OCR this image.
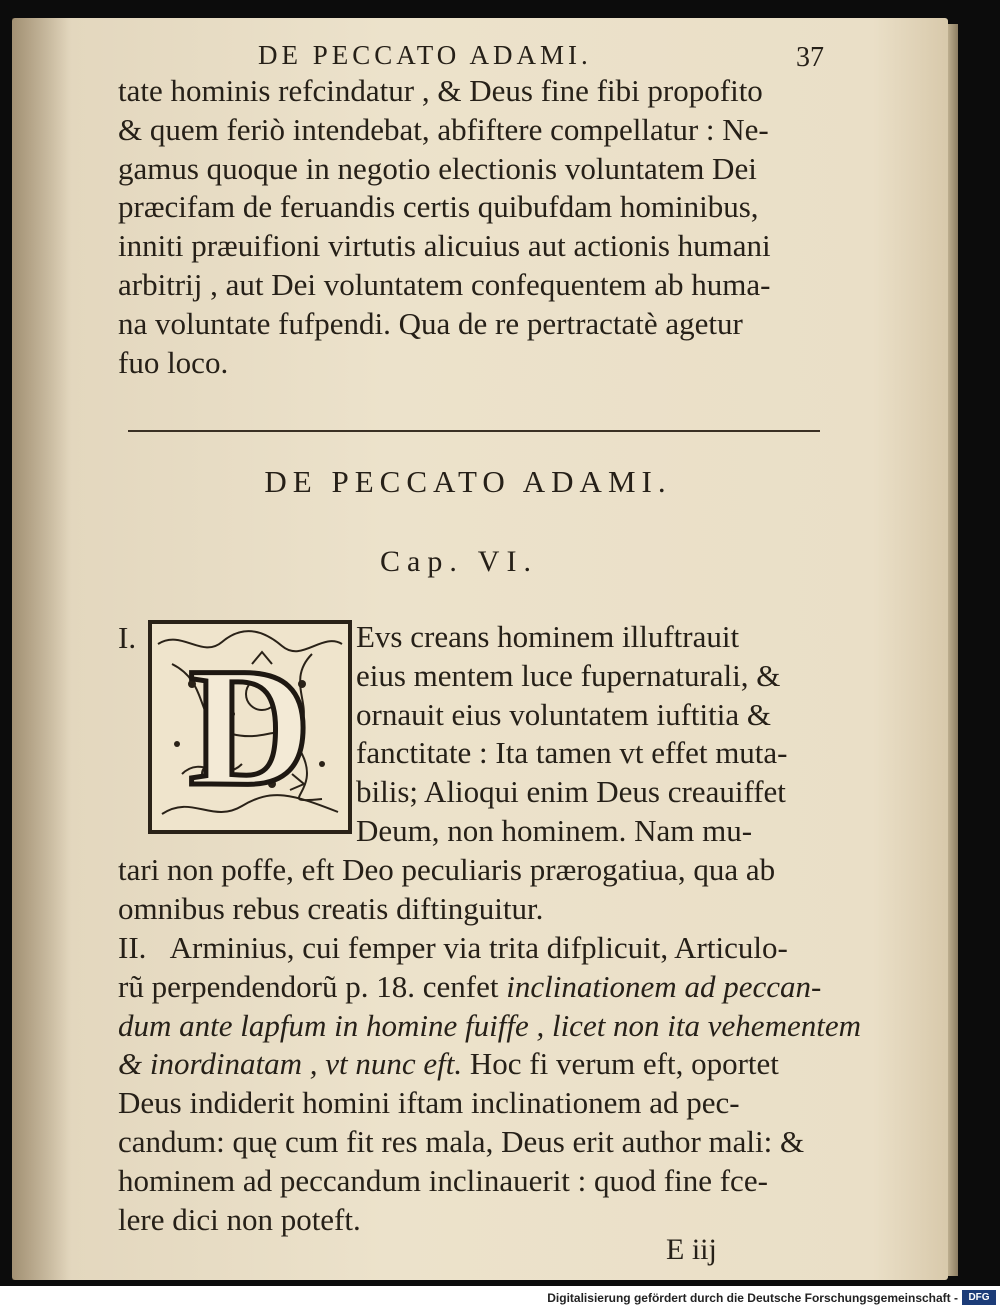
DE PECCATO ADAMI.	37
tate hominis refcindatur , & Deus fine fibi propofito
& quem feriò intendebat, abfiftere compellatur : Ne-
gamus quoque in negotio electionis voluntatem Dei
præcifam de feruandis certis quibufdam hominibus,
inniti præuifioni virtutis alicuius aut actionis humani
arbitrij , aut Dei voluntatem confequentem ab huma-
na voluntate fufpendi. Qua de re pertractatè agetur
fuo loco.
DE PECCATO ADAMI.
Cap. VI.
I. D Evs creans hominem illuftrauit
eius mentem luce fupernaturali, &
ornauit eius voluntatem iuftitia &
fanctitate : Ita tamen vt effet muta-
bilis; Alioqui enim Deus creauiffet
Deum, non hominem. Nam mu-
tari non poffe, eft Deo peculiaris prærogatiua, qua ab
omnibus rebus creatis diftinguitur.
II. Arminius, cui femper via trita difplicuit, Articulo-
rũ perpendendorũ p. 18. cenfet inclinationem ad peccan-
dum ante lapfum in homine fuiffe , licet non ita vehementem
& inordinatam , vt nunc eft. Hoc fi verum eft, oportet
Deus indiderit homini iftam inclinationem ad pec-
candum: quę cum fit res mala, Deus erit author mali: &
hominem ad peccandum inclinauerit : quod fine fce-
lere dici non poteft.
E iij
Digitalisierung gefördert durch die Deutsche Forschungsgemeinschaft -	DFG
